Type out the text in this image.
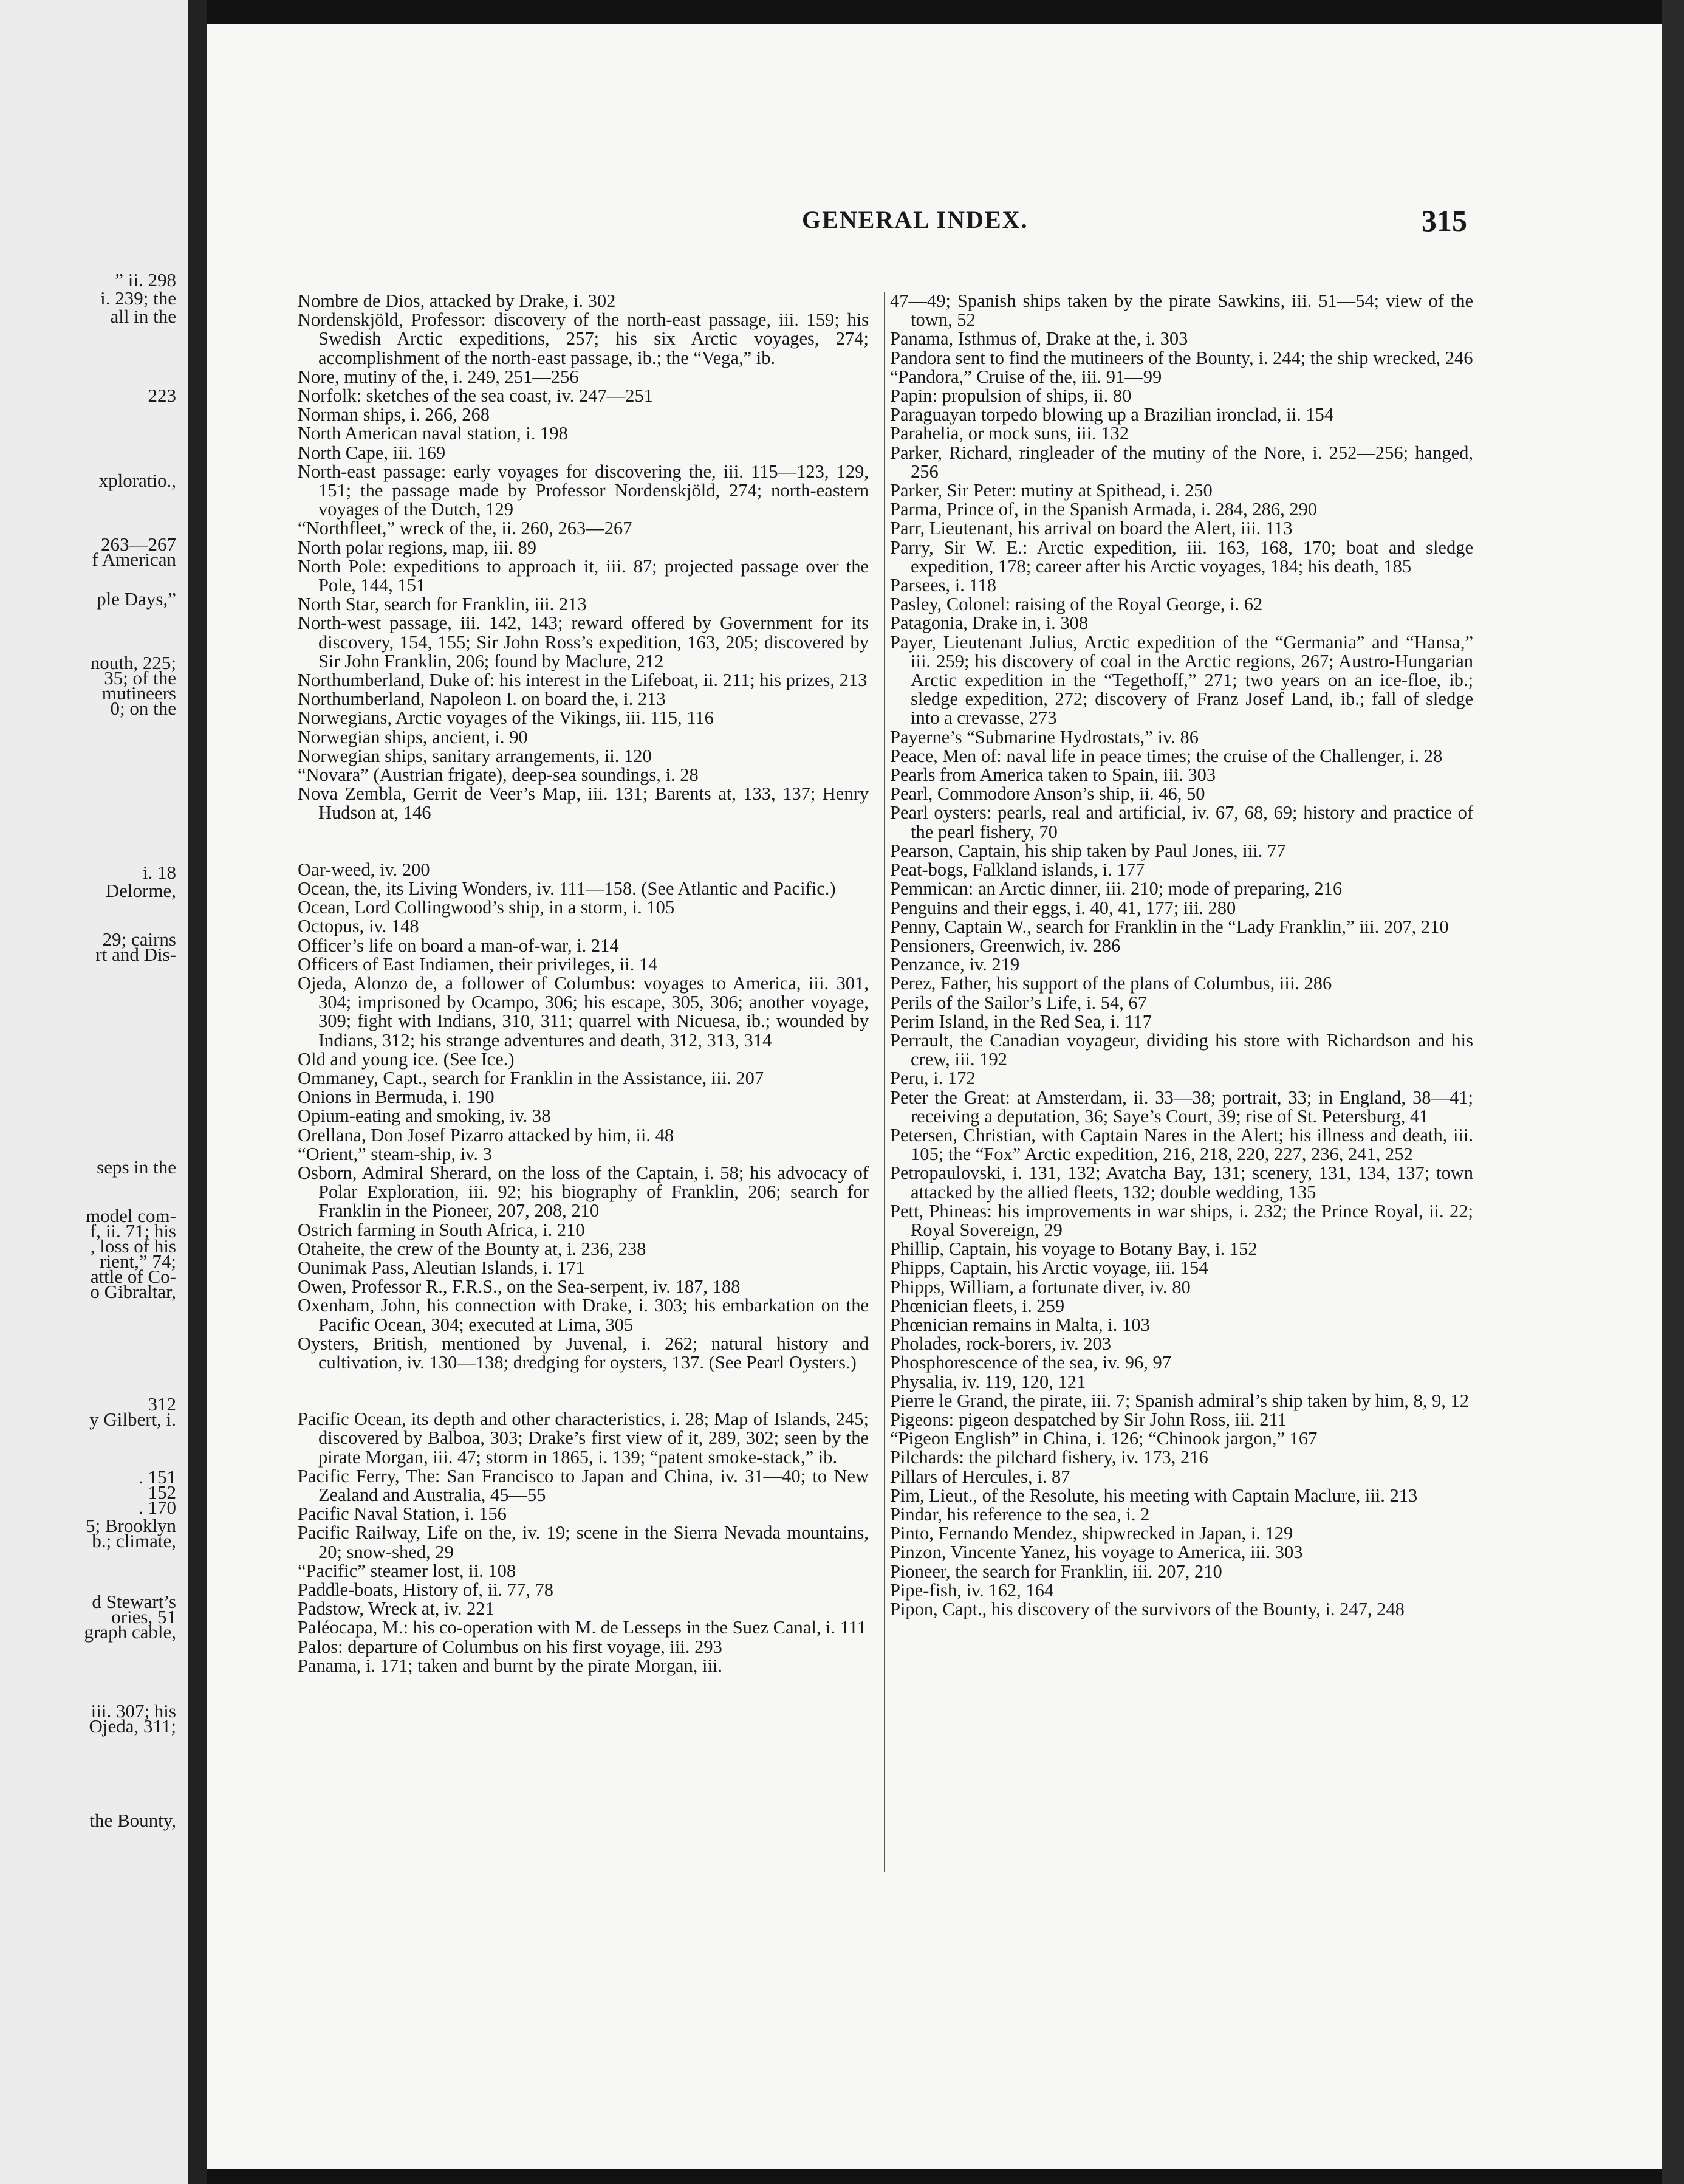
” ii. 298
i. 239; the
all in the
223
xploratio.,
263—267
f American
ple Days,”
nouth, 225;
35; of the
mutineers
0; on the
i. 18
Delorme,
29; cairns
rt and Dis-
seps in the
model com-
f, ii. 71; his
, loss of his
rient,” 74;
attle of Co-
o Gibraltar,
312
y Gilbert, i.
. 151
152
. 170
5; Brooklyn
b.; climate,
d Stewart’s
ories, 51
graph cable,
iii. 307; his
Ojeda, 311;
the Bounty,
GENERAL INDEX.	315
Nombre de Dios, attacked by Drake, i. 302
Nordenskjöld, Professor: discovery of the north-east passage, iii. 159; his Swedish Arctic expeditions, 257; his six Arctic voyages, 274; accomplishment of the north-east passage, ib.; the “Vega,” ib.
Nore, mutiny of the, i. 249, 251—256
Norfolk: sketches of the sea coast, iv. 247—251
Norman ships, i. 266, 268
North American naval station, i. 198
North Cape, iii. 169
North-east passage: early voyages for discovering the, iii. 115—123, 129, 151; the passage made by Professor Nordenskjöld, 274; north-eastern voyages of the Dutch, 129
“Northfleet,” wreck of the, ii. 260, 263—267
North polar regions, map, iii. 89
North Pole: expeditions to approach it, iii. 87; projected passage over the Pole, 144, 151
North Star, search for Franklin, iii. 213
North-west passage, iii. 142, 143; reward offered by Government for its discovery, 154, 155; Sir John Ross’s expedition, 163, 205; discovered by Sir John Franklin, 206; found by Maclure, 212
Northumberland, Duke of: his interest in the Lifeboat, ii. 211; his prizes, 213
Northumberland, Napoleon I. on board the, i. 213
Norwegians, Arctic voyages of the Vikings, iii. 115, 116
Norwegian ships, ancient, i. 90
Norwegian ships, sanitary arrangements, ii. 120
“Novara” (Austrian frigate), deep-sea soundings, i. 28
Nova Zembla, Gerrit de Veer’s Map, iii. 131; Barents at, 133, 137; Henry Hudson at, 146
Oar-weed, iv. 200
Ocean, the, its Living Wonders, iv. 111—158. (See Atlantic and Pacific.)
Ocean, Lord Collingwood’s ship, in a storm, i. 105
Octopus, iv. 148
Officer’s life on board a man-of-war, i. 214
Officers of East Indiamen, their privileges, ii. 14
Ojeda, Alonzo de, a follower of Columbus: voyages to America, iii. 301, 304; imprisoned by Ocampo, 306; his escape, 305, 306; another voyage, 309; fight with Indians, 310, 311; quarrel with Nicuesa, ib.; wounded by Indians, 312; his strange adventures and death, 312, 313, 314
Old and young ice. (See Ice.)
Ommaney, Capt., search for Franklin in the Assistance, iii. 207
Onions in Bermuda, i. 190
Opium-eating and smoking, iv. 38
Orellana, Don Josef Pizarro attacked by him, ii. 48
“Orient,” steam-ship, iv. 3
Osborn, Admiral Sherard, on the loss of the Captain, i. 58; his advocacy of Polar Exploration, iii. 92; his biography of Franklin, 206; search for Franklin in the Pioneer, 207, 208, 210
Ostrich farming in South Africa, i. 210
Otaheite, the crew of the Bounty at, i. 236, 238
Ounimak Pass, Aleutian Islands, i. 171
Owen, Professor R., F.R.S., on the Sea-serpent, iv. 187, 188
Oxenham, John, his connection with Drake, i. 303; his embarkation on the Pacific Ocean, 304; executed at Lima, 305
Oysters, British, mentioned by Juvenal, i. 262; natural history and cultivation, iv. 130—138; dredging for oysters, 137. (See Pearl Oysters.)
Pacific Ocean, its depth and other characteristics, i. 28; Map of Islands, 245; discovered by Balboa, 303; Drake’s first view of it, 289, 302; seen by the pirate Morgan, iii. 47; storm in 1865, i. 139; “patent smoke-stack,” ib.
Pacific Ferry, The: San Francisco to Japan and China, iv. 31—40; to New Zealand and Australia, 45—55
Pacific Naval Station, i. 156
Pacific Railway, Life on the, iv. 19; scene in the Sierra Nevada mountains, 20; snow-shed, 29
“Pacific” steamer lost, ii. 108
Paddle-boats, History of, ii. 77, 78
Padstow, Wreck at, iv. 221
Paléocapa, M.: his co-operation with M. de Lesseps in the Suez Canal, i. 111
Palos: departure of Columbus on his first voyage, iii. 293
Panama, i. 171; taken and burnt by the pirate Morgan, iii.
47—49; Spanish ships taken by the pirate Sawkins, iii. 51—54; view of the town, 52
Panama, Isthmus of, Drake at the, i. 303
Pandora sent to find the mutineers of the Bounty, i. 244; the ship wrecked, 246
“Pandora,” Cruise of the, iii. 91—99
Papin: propulsion of ships, ii. 80
Paraguayan torpedo blowing up a Brazilian ironclad, ii. 154
Parahelia, or mock suns, iii. 132
Parker, Richard, ringleader of the mutiny of the Nore, i. 252—256; hanged, 256
Parker, Sir Peter: mutiny at Spithead, i. 250
Parma, Prince of, in the Spanish Armada, i. 284, 286, 290
Parr, Lieutenant, his arrival on board the Alert, iii. 113
Parry, Sir W. E.: Arctic expedition, iii. 163, 168, 170; boat and sledge expedition, 178; career after his Arctic voyages, 184; his death, 185
Parsees, i. 118
Pasley, Colonel: raising of the Royal George, i. 62
Patagonia, Drake in, i. 308
Payer, Lieutenant Julius, Arctic expedition of the “Germania” and “Hansa,” iii. 259; his discovery of coal in the Arctic regions, 267; Austro-Hungarian Arctic expedition in the “Tegethoff,” 271; two years on an ice-floe, ib.; sledge expedition, 272; discovery of Franz Josef Land, ib.; fall of sledge into a crevasse, 273
Payerne’s “Submarine Hydrostats,” iv. 86
Peace, Men of: naval life in peace times; the cruise of the Challenger, i. 28
Pearls from America taken to Spain, iii. 303
Pearl, Commodore Anson’s ship, ii. 46, 50
Pearl oysters: pearls, real and artificial, iv. 67, 68, 69; history and practice of the pearl fishery, 70
Pearson, Captain, his ship taken by Paul Jones, iii. 77
Peat-bogs, Falkland islands, i. 177
Pemmican: an Arctic dinner, iii. 210; mode of preparing, 216
Penguins and their eggs, i. 40, 41, 177; iii. 280
Penny, Captain W., search for Franklin in the “Lady Franklin,” iii. 207, 210
Pensioners, Greenwich, iv. 286
Penzance, iv. 219
Perez, Father, his support of the plans of Columbus, iii. 286
Perils of the Sailor’s Life, i. 54, 67
Perim Island, in the Red Sea, i. 117
Perrault, the Canadian voyageur, dividing his store with Richardson and his crew, iii. 192
Peru, i. 172
Peter the Great: at Amsterdam, ii. 33—38; portrait, 33; in England, 38—41; receiving a deputation, 36; Saye’s Court, 39; rise of St. Petersburg, 41
Petersen, Christian, with Captain Nares in the Alert; his illness and death, iii. 105; the “Fox” Arctic expedition, 216, 218, 220, 227, 236, 241, 252
Petropaulovski, i. 131, 132; Avatcha Bay, 131; scenery, 131, 134, 137; town attacked by the allied fleets, 132; double wedding, 135
Pett, Phineas: his improvements in war ships, i. 232; the Prince Royal, ii. 22; Royal Sovereign, 29
Phillip, Captain, his voyage to Botany Bay, i. 152
Phipps, Captain, his Arctic voyage, iii. 154
Phipps, William, a fortunate diver, iv. 80
Phœnician fleets, i. 259
Phœnician remains in Malta, i. 103
Pholades, rock-borers, iv. 203
Phosphorescence of the sea, iv. 96, 97
Physalia, iv. 119, 120, 121
Pierre le Grand, the pirate, iii. 7; Spanish admiral’s ship taken by him, 8, 9, 12
Pigeons: pigeon despatched by Sir John Ross, iii. 211
“Pigeon English” in China, i. 126; “Chinook jargon,” 167
Pilchards: the pilchard fishery, iv. 173, 216
Pillars of Hercules, i. 87
Pim, Lieut., of the Resolute, his meeting with Captain Maclure, iii. 213
Pindar, his reference to the sea, i. 2
Pinto, Fernando Mendez, shipwrecked in Japan, i. 129
Pinzon, Vincente Yanez, his voyage to America, iii. 303
Pioneer, the search for Franklin, iii. 207, 210
Pipe-fish, iv. 162, 164
Pipon, Capt., his discovery of the survivors of the Bounty, i. 247, 248
